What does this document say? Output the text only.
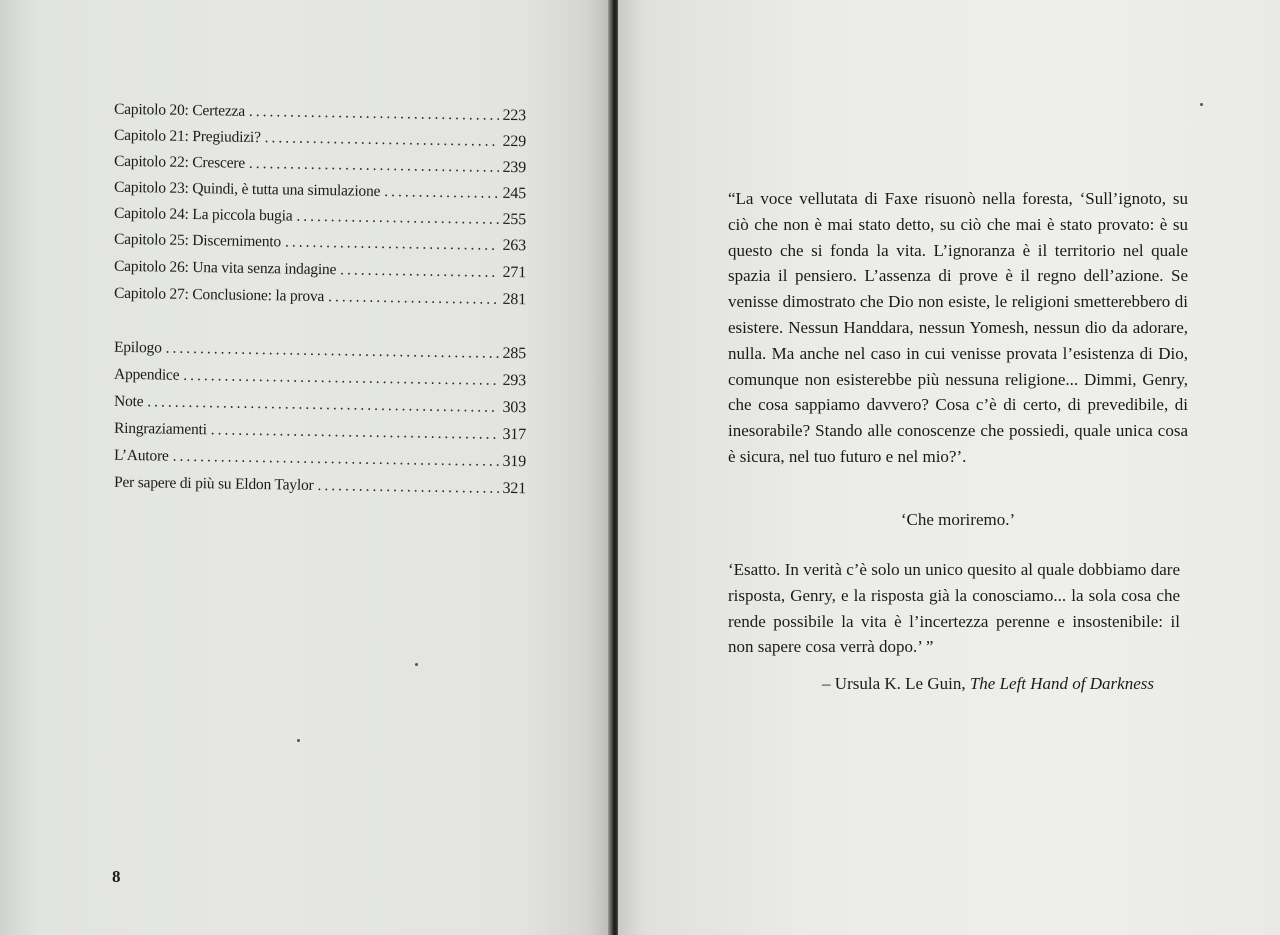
Capitolo 20: Certezza .....	223
Capitolo 21: Pregiudizi? .....	229
Capitolo 22: Crescere .....	239
Capitolo 23: Quindi, è tutta una simulazione .....	245
Capitolo 24: La piccola bugia .....	255
Capitolo 25: Discernimento .....	263
Capitolo 26: Una vita senza indagine .....	271
Capitolo 27: Conclusione: la prova .....	281
Epilogo .....	285
Appendice .....	293
Note .....	303
Ringraziamenti .....	317
L’Autore .....	319
Per sapere di più su Eldon Taylor .....	321
8

“La voce vellutata di Faxe risuonò nella foresta, ‘Sull’ignoto, su ciò che non è mai stato detto, su ciò che mai è stato provato: è su questo che si fonda la vita. L’ignoranza è il territorio nel quale spazia il pensiero. L’assenza di prove è il regno dell’azione. Se venisse dimostrato che Dio non esiste, le religioni smetterebbero di esistere. Nessun Handdara, nessun Yomesh, nessun dio da adorare, nulla. Ma anche nel caso in cui venisse provata l’esistenza di Dio, comunque non esisterebbe più nessuna religione... Dimmi, Genry, che cosa sappiamo davvero? Cosa c’è di certo, di prevedibile, di inesorabile? Stando alle conoscenze che possiedi, quale unica cosa è sicura, nel tuo futuro e nel mio?’.

‘Che moriremo.’
‘Esatto. In verità c’è solo un unico quesito al quale dobbiamo dare risposta, Genry, e la risposta già la conosciamo... la sola cosa che rende possibile la vita è l’incertezza perenne e insostenibile: il non sapere cosa verrà dopo.’ ”
– Ursula K. Le Guin, The Left Hand of Darkness
